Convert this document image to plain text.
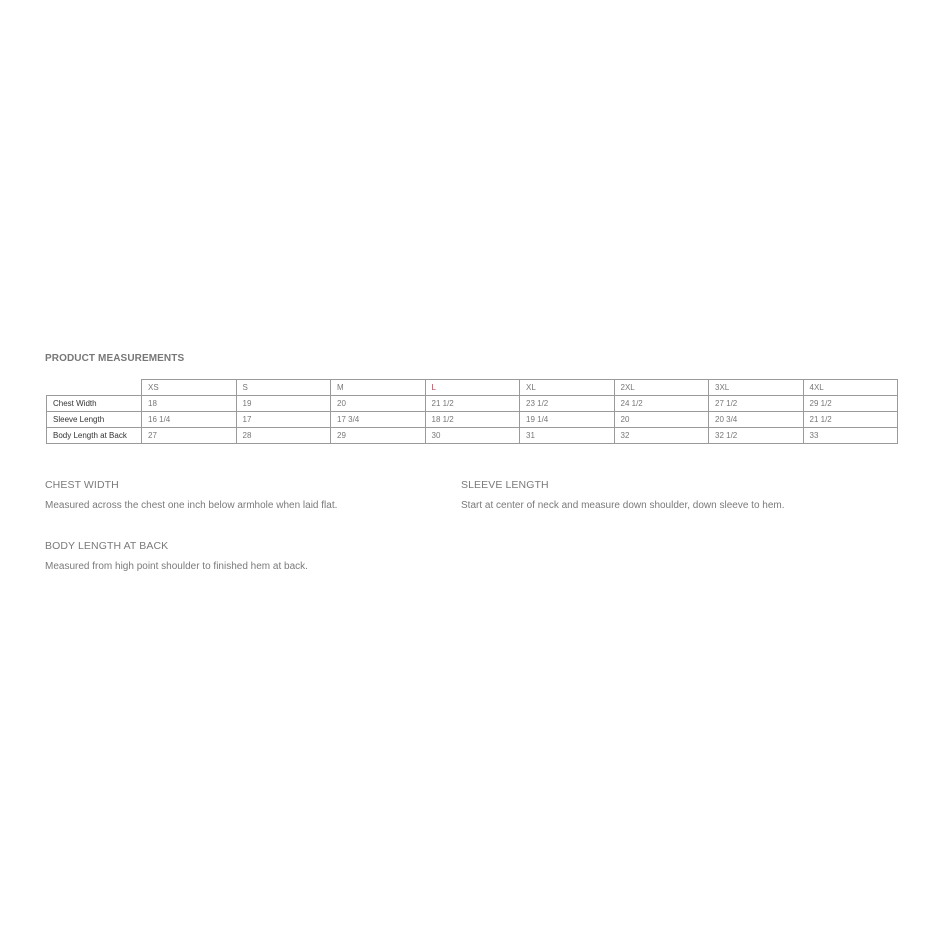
PRODUCT MEASUREMENTS
	XS	S	M	L	XL	2XL	3XL	4XL
Chest Width	18	19	20	21 1/2	23 1/2	24 1/2	27 1/2	29 1/2
Sleeve Length	16 1/4	17	17 3/4	18 1/2	19 1/4	20	20 3/4	21 1/2
Body Length at Back	27	28	29	30	31	32	32 1/2	33

CHEST WIDTH

Measured across the chest one inch below armhole when laid flat.

SLEEVE LENGTH

Start at center of neck and measure down shoulder, down sleeve to hem.

BODY LENGTH AT BACK

Measured from high point shoulder to finished hem at back.
